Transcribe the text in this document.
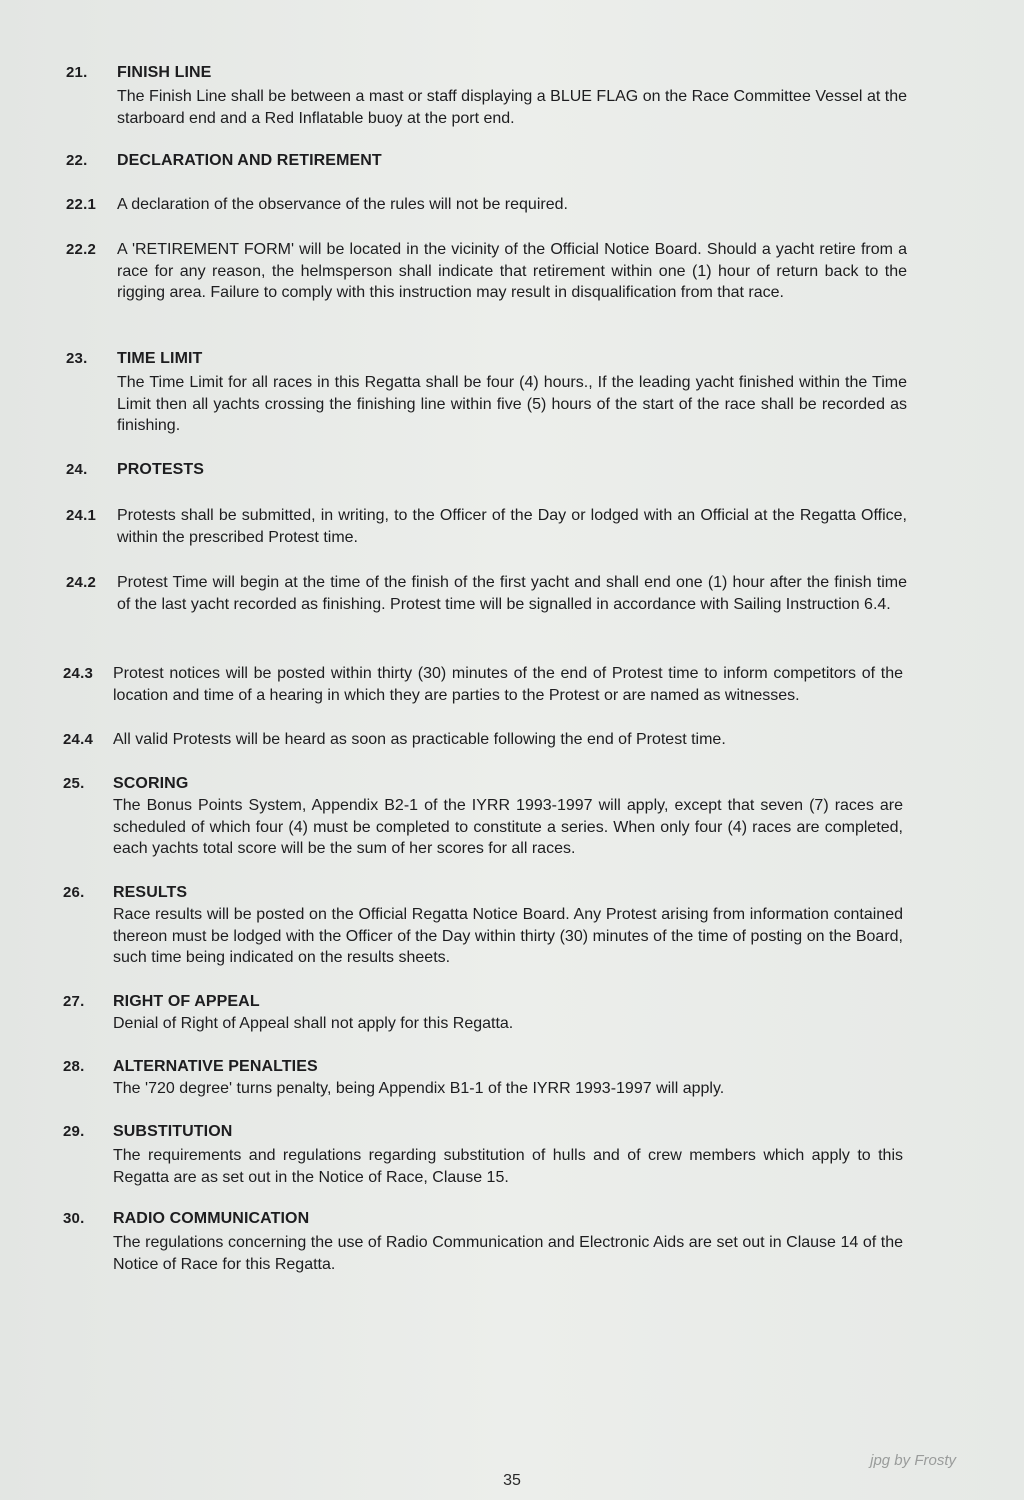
21. FINISH LINE
The Finish Line shall be between a mast or staff displaying a BLUE FLAG on the Race Committee Vessel at the starboard end and a Red Inflatable buoy at the port end.
22. DECLARATION AND RETIREMENT
22.1 A declaration of the observance of the rules will not be required.
22.2 A 'RETIREMENT FORM' will be located in the vicinity of the Official Notice Board. Should a yacht retire from a race for any reason, the helmsperson shall indicate that retirement within one (1) hour of return back to the rigging area. Failure to comply with this instruction may result in disqualification from that race.
23. TIME LIMIT
The Time Limit for all races in this Regatta shall be four (4) hours., If the leading yacht finished within the Time Limit then all yachts crossing the finishing line within five (5) hours of the start of the race shall be recorded as finishing.
24. PROTESTS
24.1 Protests shall be submitted, in writing, to the Officer of the Day or lodged with an Official at the Regatta Office, within the prescribed Protest time.
24.2 Protest Time will begin at the time of the finish of the first yacht and shall end one (1) hour after the finish time of the last yacht recorded as finishing. Protest time will be signalled in accordance with Sailing Instruction 6.4.
24.3 Protest notices will be posted within thirty (30) minutes of the end of Protest time to inform competitors of the location and time of a hearing in which they are parties to the Protest or are named as witnesses.
24.4 All valid Protests will be heard as soon as practicable following the end of Protest time.
25. SCORING
The Bonus Points System, Appendix B2-1 of the IYRR 1993-1997 will apply, except that seven (7) races are scheduled of which four (4) must be completed to constitute a series. When only four (4) races are completed, each yachts total score will be the sum of her scores for all races.
26. RESULTS
Race results will be posted on the Official Regatta Notice Board. Any Protest arising from information contained thereon must be lodged with the Officer of the Day within thirty (30) minutes of the time of posting on the Board, such time being indicated on the results sheets.
27. RIGHT OF APPEAL
Denial of Right of Appeal shall not apply for this Regatta.
28. ALTERNATIVE PENALTIES
The '720 degree' turns penalty, being Appendix B1-1 of the IYRR 1993-1997 will apply.
29. SUBSTITUTION
The requirements and regulations regarding substitution of hulls and of crew members which apply to this Regatta are as set out in the Notice of Race, Clause 15.
30. RADIO COMMUNICATION
The regulations concerning the use of Radio Communication and Electronic Aids are set out in Clause 14 of the Notice of Race for this Regatta.
jpg by Frosty
35
